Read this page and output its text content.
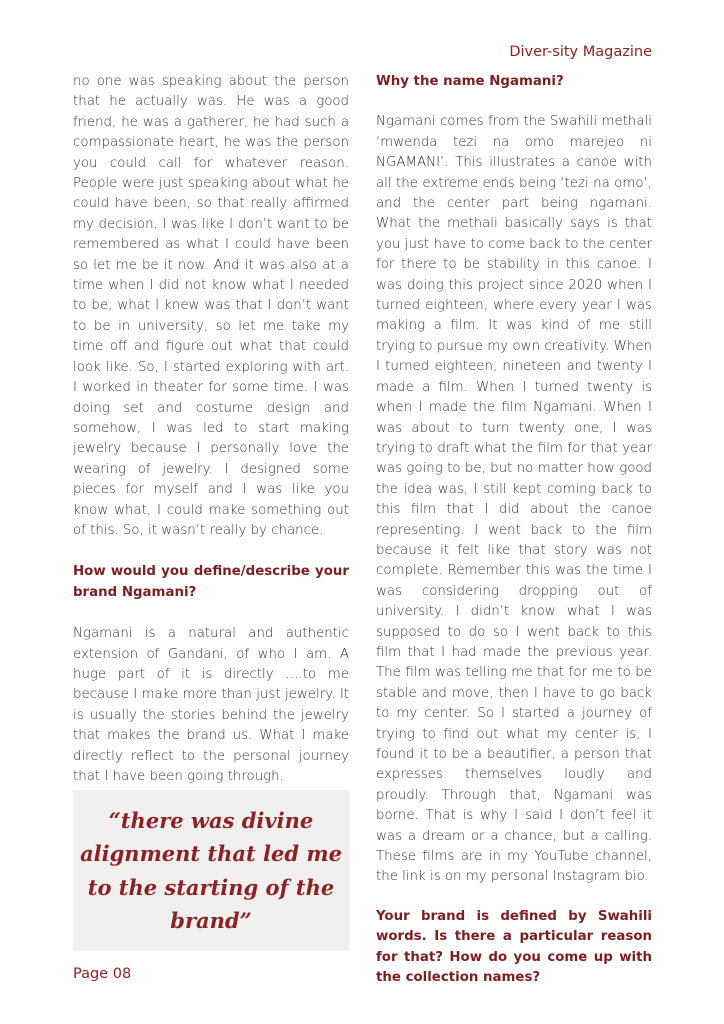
Diver-sity Magazine

no one was speaking about the person that he actually was. He was a good friend, he was a gatherer, he had such a compassionate heart, he was the person you could call for whatever reason. People were just speaking about what he could have been, so that really affirmed my decision. I was like I don’t want to be remembered as what I could have been so let me be it now. And it was also at a time when I did not know what I needed to be, what I knew was that I don’t want to be in university, so let me take my time off and figure out what that could look like. So, I started exploring with art. I worked in theater for some time. I was doing set and costume design and somehow, I was led to start making jewelry because I personally love the wearing of jewelry. I designed some pieces for myself and I was like you know what, I could make something out of this. So, it wasn’t really by chance.

How would you define/describe your brand Ngamani?

Ngamani is a natural and authentic extension of Gandani, of who I am. A huge part of it is directly ….to me because I make more than just jewelry. It is usually the stories behind the jewelry that makes the brand us. What I make directly reflect to the personal journey that I have been going through.

“there was divine alignment that led me to the starting of the brand”

Why the name Ngamani?

Ngamani comes from the Swahili methali ‘mwenda tezi na omo marejeo ni NGAMANI’. This illustrates a canoe with all the extreme ends being ‘tezi na omo’, and the center part being ngamani. What the methali basically says is that you just have to come back to the center for there to be stability in this canoe. I was doing this project since 2020 when I turned eighteen, where every year I was making a film. It was kind of me still trying to pursue my own creativity. When I turned eighteen, nineteen and twenty I made a film. When I turned twenty is when I made the film Ngamani. When I was about to turn twenty one, I was trying to draft what the film for that year was going to be, but no matter how good the idea was, I still kept coming back to this film that I did about the canoe representing. I went back to the film because it felt like that story was not complete. Remember this was the time I was considering dropping out of university. I didn’t know what I was supposed to do so I went back to this film that I had made the previous year. The film was telling me that for me to be stable and move, then I have to go back to my center. So I started a journey of trying to find out what my center is, I found it to be a beautifier, a person that expresses themselves loudly and proudly. Through that, Ngamani was borne. That is why I said I don’t feel it was a dream or a chance, but a calling. These films are in my YouTube channel, the link is on my personal Instagram bio.

Your brand is defined by Swahili words. Is there a particular reason for that? How do you come up with the collection names?

Page 08
